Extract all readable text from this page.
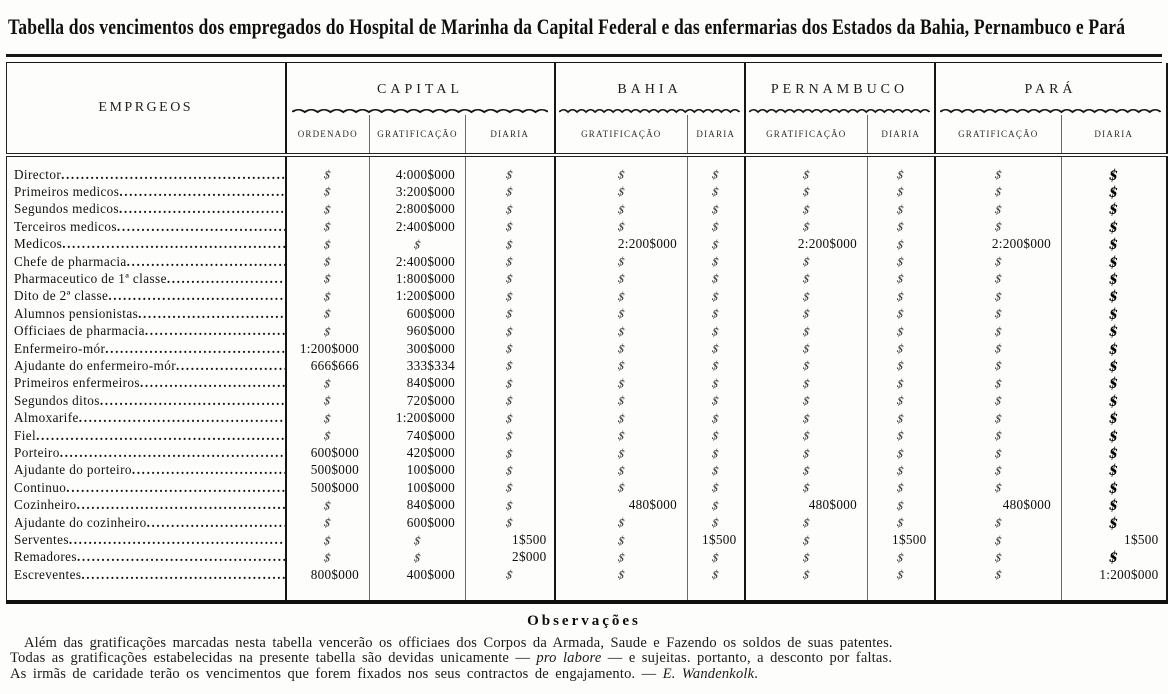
Tabella dos vencimentos dos empregados do Hospital de Marinha da Capital Federal e das enfermarias dos Estados da Bahia, Pernambuco e Pará
EMPRGEOS	CAPITAL			BAHIA		PERNAMBUCO		PARÁ	

	ORDENADO	GRATIFICAÇÃO	DIARIA	GRATIFICAÇÃO	DIARIA	GRATIFICAÇÃO	DIARIA	GRATIFICAÇÃO	DIARIA

Director
.....	$	4:000$000	$	$	$	$	$	$	$

Primeiros medicos
.....	$	3:200$000	$	$	$	$	$	$	$

Segundos medicos
.....	$	2:800$000	$	$	$	$	$	$	$

Terceiros medicos
.....	$	2:400$000	$	$	$	$	$	$	$

Medicos
.....	$	$	$	2:200$000	$	2:200$000	$	2:200$000	$

Chefe de pharmacia
.....	$	2:400$000	$	$	$	$	$	$	$

Pharmaceutico de 1ª classe
.....	$	1:800$000	$	$	$	$	$	$	$

Dito de 2ª classe
.....	$	1:200$000	$	$	$	$	$	$	$

Alumnos pensionistas
.....	$	600$000	$	$	$	$	$	$	$

Officiaes de pharmacia
.....	$	960$000	$	$	$	$	$	$	$

Enfermeiro-mór
.....	1:200$000	300$000	$	$	$	$	$	$	$

Ajudante do enfermeiro-mór
.....	666$666	333$334	$	$	$	$	$	$	$

Primeiros enfermeiros
.....	$	840$000	$	$	$	$	$	$	$

Segundos ditos
.....	$	720$000	$	$	$	$	$	$	$

Almoxarife
.....	$	1:200$000	$	$	$	$	$	$	$

Fiel
.....	$	740$000	$	$	$	$	$	$	$

Porteiro
.....	600$000	420$000	$	$	$	$	$	$	$

Ajudante do porteiro
.....	500$000	100$000	$	$	$	$	$	$	$

Continuo
.....	500$000	100$000	$	$	$	$	$	$	$

Cozinheiro
.....	$	840$000	$	480$000	$	480$000	$	480$000	$

Ajudante do cozinheiro
.....	$	600$000	$	$	$	$	$	$	$

Serventes
.....	$	$	1$500	$	1$500	$	1$500	$	1$500

Remadores
.....	$	$	2$000	$	$	$	$	$	$

Escreventes
.....	800$000	400$000	$	$	$	$	$	$	1:200$000
Observações
Além das gratificações marcadas nesta tabella vencerão os officiaes dos Corpos da Armada, Saude e Fazendo os soldos de suas patentes.
Todas as gratificações estabelecidas na presente tabella são devidas unicamente — pro labore — e sujeitas. portanto, a desconto por faltas.
As irmãs de caridade terão os vencimentos que forem fixados nos seus contractos de engajamento. — E. Wandenkolk.
